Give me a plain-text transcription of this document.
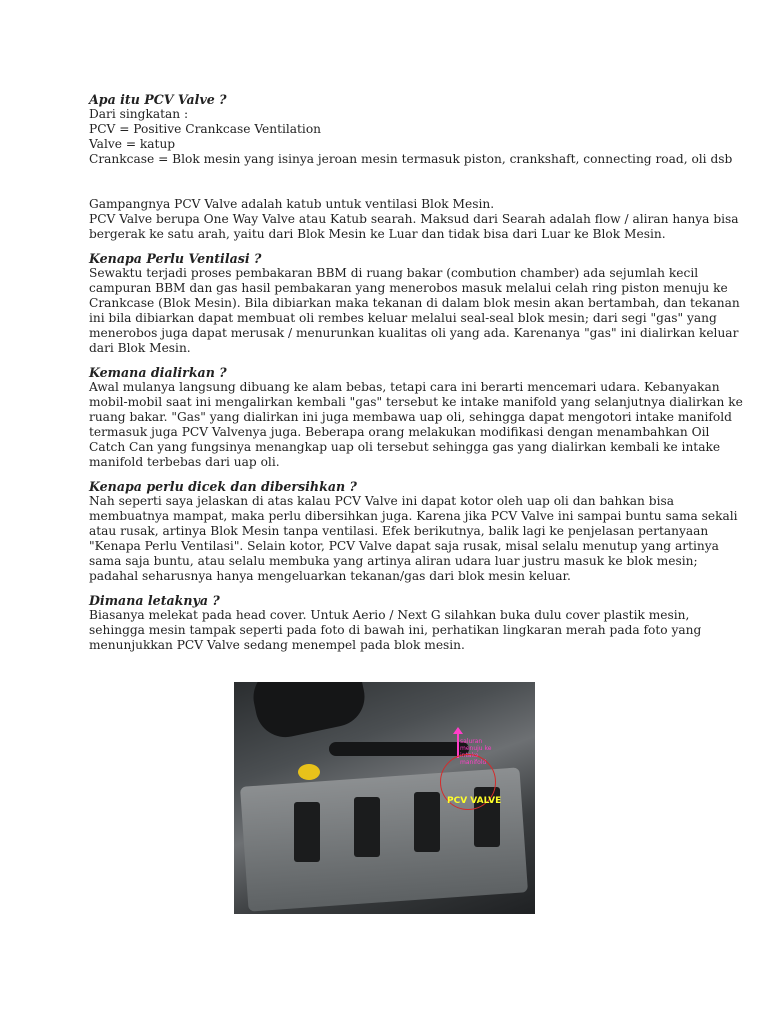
Apa itu PCV Valve ?
Dari singkatan :
PCV = Positive Crankcase Ventilation
Valve = katup
Crankcase = Blok mesin yang isinya jeroan mesin termasuk piston, crankshaft, connecting road, oli dsb
Gampangnya PCV Valve adalah katub untuk ventilasi Blok Mesin.
PCV Valve berupa One Way Valve atau Katub searah. Maksud dari Searah adalah flow / aliran hanya bisa
bergerak ke satu arah, yaitu dari Blok Mesin ke Luar dan tidak bisa dari Luar ke Blok Mesin.
Kenapa Perlu Ventilasi ?
Sewaktu terjadi proses pembakaran BBM di ruang bakar (combution chamber) ada sejumlah kecil
campuran BBM dan gas hasil pembakaran yang menerobos masuk melalui celah ring piston menuju ke
Crankcase (Blok Mesin). Bila dibiarkan maka tekanan di dalam blok mesin akan bertambah, dan tekanan
ini bila dibiarkan dapat membuat oli rembes keluar melalui seal-seal blok mesin; dari segi "gas" yang
menerobos juga dapat merusak / menurunkan kualitas oli yang ada. Karenanya "gas" ini dialirkan keluar
dari Blok Mesin.
Kemana dialirkan ?
Awal mulanya langsung dibuang ke alam bebas, tetapi cara ini berarti mencemari udara. Kebanyakan
mobil-mobil saat ini mengalirkan kembali "gas" tersebut ke intake manifold yang selanjutnya dialirkan ke
ruang bakar. "Gas" yang dialirkan ini juga membawa uap oli, sehingga dapat mengotori intake manifold
termasuk juga PCV Valvenya juga. Beberapa orang melakukan modifikasi dengan menambahkan Oil
Catch Can yang fungsinya menangkap uap oli tersebut sehingga gas yang dialirkan kembali ke intake
manifold terbebas dari uap oli.
Kenapa perlu dicek dan dibersihkan ?
Nah seperti saya jelaskan di atas kalau PCV Valve ini dapat kotor oleh uap oli dan bahkan bisa
membuatnya mampat, maka perlu dibersihkan juga. Karena jika PCV Valve ini sampai buntu sama sekali
atau rusak, artinya Blok Mesin tanpa ventilasi. Efek berikutnya, balik lagi ke penjelasan pertanyaan
"Kenapa Perlu Ventilasi". Selain kotor, PCV Valve dapat saja rusak, misal selalu menutup yang artinya
sama saja buntu, atau selalu membuka yang artinya aliran udara luar justru masuk ke blok mesin;
padahal seharusnya hanya mengeluarkan tekanan/gas dari blok mesin keluar.
Dimana letaknya ?
Biasanya melekat pada head cover. Untuk Aerio / Next G silahkan buka dulu cover plastik mesin,
sehingga mesin tampak seperti pada foto di bawah ini, perhatikan lingkaran merah pada foto yang
menunjukkan PCV Valve sedang menempel pada blok mesin.
saluran menuju ke intake manifold
PCV VALVE
